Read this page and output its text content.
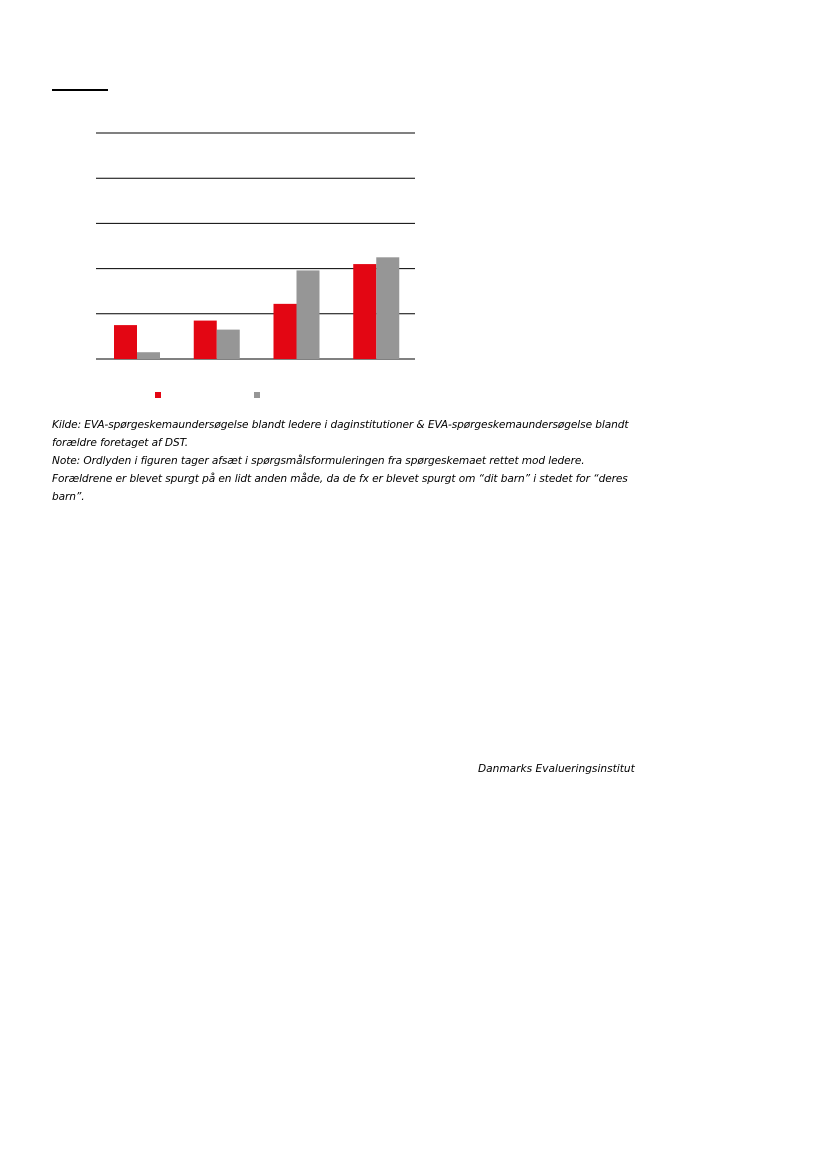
Kilde: EVA-spørgeskemaundersøgelse blandt ledere i daginstitutioner & EVA-spørgeskemaundersøgelse blandt forældre foretaget af DST.

Note: Ordlyden i figuren tager afsæt i spørgsmålsformuleringen fra spørgeskemaet rettet mod ledere. Forældrene er blevet spurgt på en lidt anden måde, da de fx er blevet spurgt om “dit barn” i stedet for “deres barn”.

Danmarks Evalueringsinstitut
